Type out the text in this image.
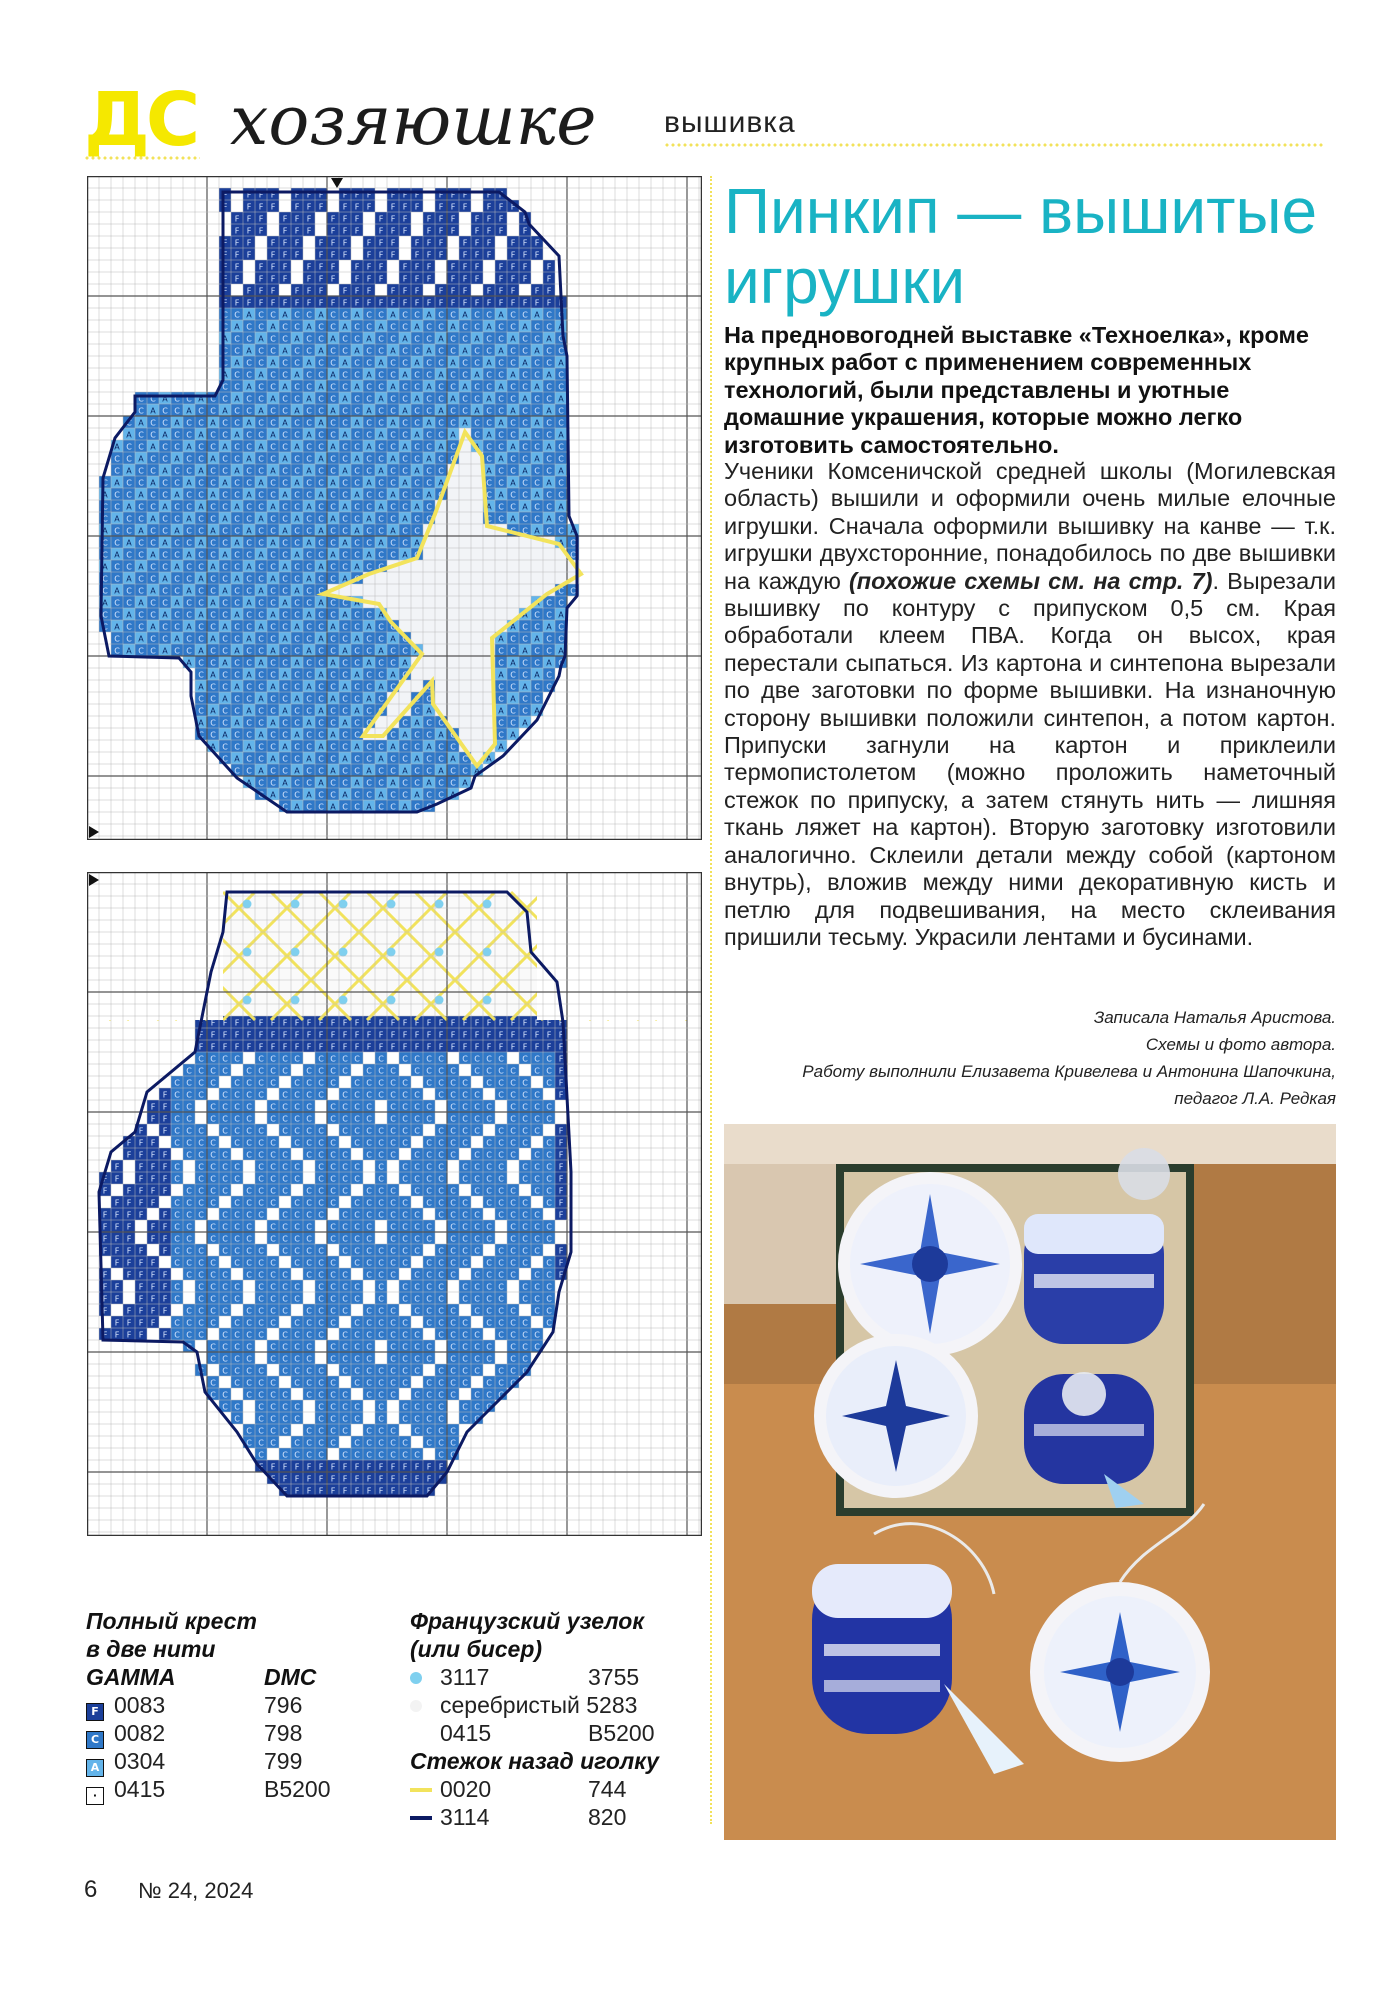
ДС хозяюшке вышивка
F F F F F F F F F F F F F F F F F F
F F F F F F F F F F F F F F F F F F F
F F F F F F F F F F F F F F F F F F F
F F F F F F F F F F F F F F F F F F F
F F F F F F F F F F F F F F F F F F F F F
F F F F F F F F F F F F F F F F F F F F F
F F F F F F F F F F F F F F F F F F F F F
F F F F F F F F F F F F F F F F F F F F F
F F F F F F F F F F F F F F F F F F F F F
F F F F F F F F F F F F F F F F F F F F F F F F F F F F F
C C A C C A C C A C C A C C A C C A C C A C C A C C A C C
C A C C A C C A C C A C C A C C A C C A C C A C C A C C A
A C C A C C A C C A C C A C C A C C A C C A C C A C C A C
C C A C C A C C A C C A C C A C C A C C A C C A C C A C C
C A C C A C C A C C A C C A C C A C C A C C A C C A C C A
A C C A C C A C C A C C A C C A C C A C C A C C A C C A C
C C A C C A C C A C C A C C A C C A C C A C C A C C A C C
C C A C C A C C A C C A C C A C C A C C A C C A C C A C C A C C A C C A
C A C C A C C A C C A C C A C C A C C A C C A C C A C C A C C A C C A C
C A C C A C C A C C A C C A C C A C C A C C A C C A C C A C C A C C A C C
A C C A C C A C C A C C A C C A C C A C C A C C A C C A C A C C A C C A
A C C A C C A C C A C C A C C A C C A C C A C C A C C A C A C C A C C A C
C C A C C A C C A C C A C C A C C A C C A C C A C C A C C	C A C C A C C
C A C C A C C A C C A C C A C C A C C A C C A C C A C C	A C C A C C A
C A C C A C C A C C A C C A C C A C C A C C A C C A C C A	C C A C C A C
A C C A C C A C C A C C A C C A C C A C C A C C A C C A C	C A C C A C C
C C A C C A C C A C C A C C A C C A C C A C C A C C A C	A C C A C C A
C A C C A C C A C C A C C A C C A C C A C C A C C A C C	C C A C C A C
A C C A C C A C C A C C A C C A C C A C C A C C A C C	C C A C C A
C C A C C A C C A C C A C C A C C A C C A C C A C C A	A C
C A C C A C C A C C A C C A C C A C C A C C A C C A C	C
A C C A C C A C C A C C A C C A C C A C C A C C
C C A C C A C C A C C A C C A C C A C C A C
C A C C A C C A C C A C C A C C A C C	C C
A C C A C C A C C A C C A C C A C C A C C A	A C C
C C A C C A C C A C C A C C A C C A C C A C C A	A C C A
C A C C A C C A C C A C C A C C A C C A C C A C C	A C C A C
C C A C C A C C A C C A C C A C C A C C A C C A C	A C C A C C
C A C C A C C A C C A C C A C C A C C A C C A C C A	C C A C C A
A C C A C C A C C A C C A C C A C C A	C A C C A C
C A C C A C C A C C A C C A C C A C	A C C A C
A C C A C C A C C A C C A C C A C	C	C C A C C
C C A C C A C C A C C A C C A C	C C	C A C C
C A C C A C C A C C A C C A C C	C A	A C C A
A C C A C C A C C A C C A C C	C A C C	C C A
C C A C C A C C A C C A C C	C A C C A C	C A
A C C A C C A C C A C C A C C A C C A C C	A
C A C C A C C A C C A C C A C C A C C A C A
C C A C C A C C A C C A C C A C C A C C A
A C C A C C A C C A C C A C C A C C A
C A C C A C C A C C A C C A C C A
C A C C A C C A C C A C C
F F F F F F F F F F F F F F F F F F F F F F F F F F F F F F F
F F F F F F F F F F F F F F F F F F F F F F F F F F F F F F F
F F F F F F F F F F F F F F F F F F F F F F F F F F F F F F F
C C C C C C C C C C C C C C C C C C C C C C C C F
C C C C C C C C C C C C C C C C C C C C C C C C C F
C C C C C C C C C C C C C C C C C C C C C C C C C C F
F C C C C C C C C C C C C C C C C C C C C C C C C C C F
F F C C C C C C C C C C C C C C C C C C C C C C C C C C
F F C C C C C C C C C C C C C C C C C C C C C C C C C C
F F C C C C C C C C C C C C C C C C C C C C C C C C C C F
F F F C C C C C C C C C C C C C C C C C C C C C C C C C C F
F F F F C C C C C C C C C C C C C C C C C C C C C C C C C F
F F F F C C C C C C C C C C C C C C C C C C C C C C C C C F
F F F F F C C C C C C C C C C C C C C C C C C C C C C C C C F
F F F F F C C C C C C C C C C C C C C C C C C C C C C C C C F
F F F F C C C C C C C C C C C C C C C C C C C C C C C C C C F
F F F F F C C C C C C C C C C C C C C C C C C C C C C C C C C F
F F F F F C C C C C C C C C C C C C C C C C C C C C C C C C C
F F F F F C C C C C C C C C C C C C C C C C C C C C C C C C C
F F F F F C C C C C C C C C C C C C C C C C C C C C C C C C C F
F F F F C C C C C C C C C C C C C C C C C C C C C C C C C C F
F F F F F C C C C C C C C C C C C C C C C C C C C C C C C C F
F F F F F C C C C C C C C C C C C C C C C C C C C C C C C C
F F F F F C C C C C C C C C C C C C C C C C C C C C C C C C
F F F F F C C C C C C C C C C C C C C C C C C C C C C C C C
F F F F C C C C C C C C C C C C C C C C C C C C C C C C C C
F F F F F C C C C C C C C C C C C C C C C C C C C C C C C C C
C C C C C C C C C C C C C C C C C C C C C C C C
C C C C C C C C C C C C C C C C C C C C C C
C C C C C C C C C C C C C C C C C C C C C C C
C C C C C C C C C C C C C C C C C C C C C
C C C C C C C C C C C C C C C C C C C C
C C C C C C C C C C C C C C C C C C
C C C C C C C C C C C C C C C C
C C C C C C C C C C C C C C C
C C C C C C C C C C C C C C C
C C C C C C C C C C C C C C
F F F F F F F F F F F F F F F F
F F F F F F F F F F F F F F F
F F F F F F F F F F F F F
Пинкип — вышитые
игрушки
На предновогодней выставке «Техноелка», кроме крупных работ с применением современных технологий, были представлены и уютные домашние украшения, которые можно легко изготовить самостоятельно.
Ученики Комсеничской средней школы (Могилевская область) вышили и оформили очень милые елочные игрушки. Сначала оформили вышивку на канве — т.к. игрушки двухсторонние, понадобилось по две вышивки на каждую (похожие схемы см. на стр. 7). Вырезали вышивку по контуру с припуском 0,5 см. Края обработали клеем ПВА. Когда он высох, края перестали сыпаться. Из картона и синтепона вырезали по две заготовки по форме вышивки. На изнаночную сторону вышивки положили синтепон, а потом картон. Припуски загнули на картон и приклеили термопистолетом (можно проложить наметочный стежок по припуску, а затем стянуть нить — лишняя ткань ляжет на картон). Вторую заготовку изготовили аналогично. Склеили детали между собой (картоном внутрь), вложив между ними декоративную кисть и петлю для подвешивания, на место склеивания пришили тесьму. Украсили лентами и бусинами.
Записала Наталья Аристова.
Схемы и фото автора.
Работу выполнили Елизавета Кривелева и Антонина Шапочкина,
педагог Л.А. Редкая
Полный крест
в две нити
GAMMA	DMC
F 0083	796
C 0082	798
A 0304	799
· 0415	B5200
Французский узелок
(или бисер)
3117	3755
серебристый 5283
0415	B5200
Стежок назад иголку
0020	744
3114	820
6 № 24, 2024
